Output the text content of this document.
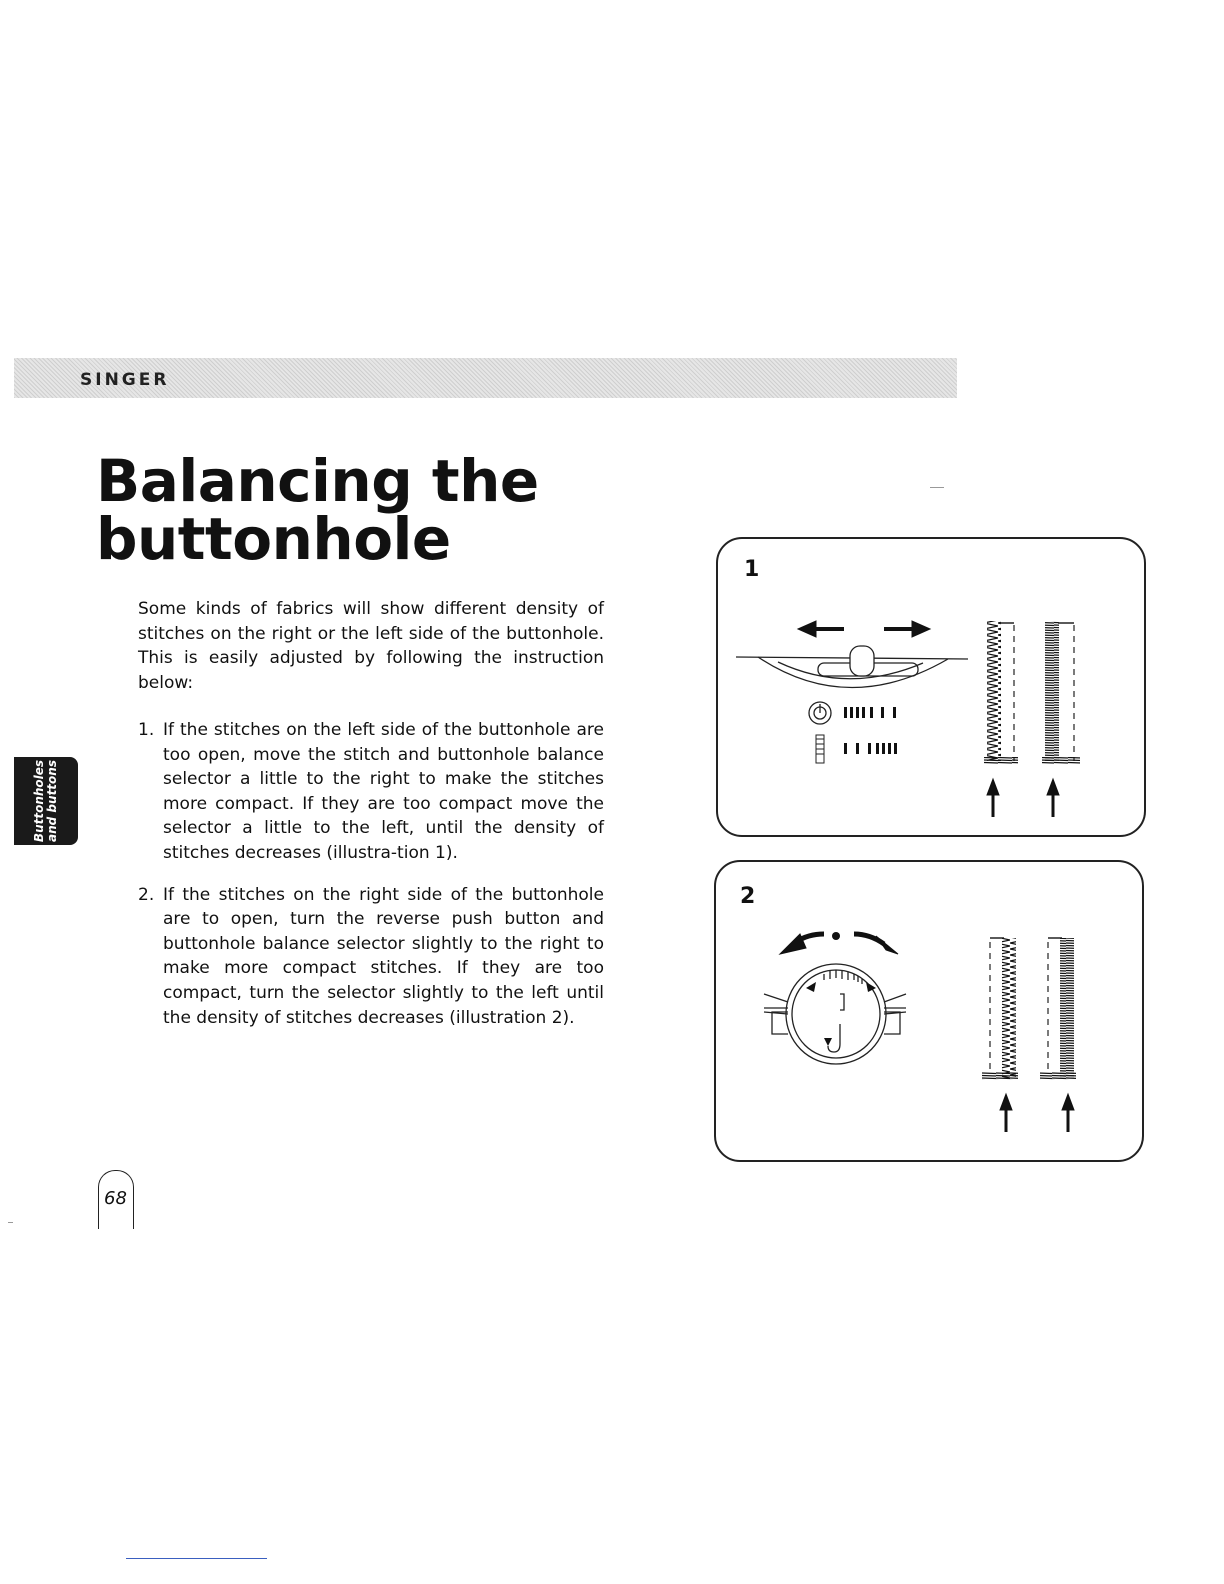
SINGER
Balancing the
buttonhole

Some kinds of fabrics will show different density of stitches on the right or the left side of the buttonhole. This is easily adjusted by following the instruction below:

1. If the stitches on the left side of the buttonhole are too open, move the stitch and buttonhole balance selector a little to the right to make the stitches more compact. If they are too compact move the selector a little to the left, until the density of stitches decreases (illustra-tion 1).
2. If the stitches on the right side of the buttonhole are to open, turn the reverse push button and buttonhole balance selector slightly to the right to make more compact stitches. If they are too compact, turn the selector slightly to the left until the density of stitches decreases (illustration 2).
Buttonholes
and buttons
1
2
68
